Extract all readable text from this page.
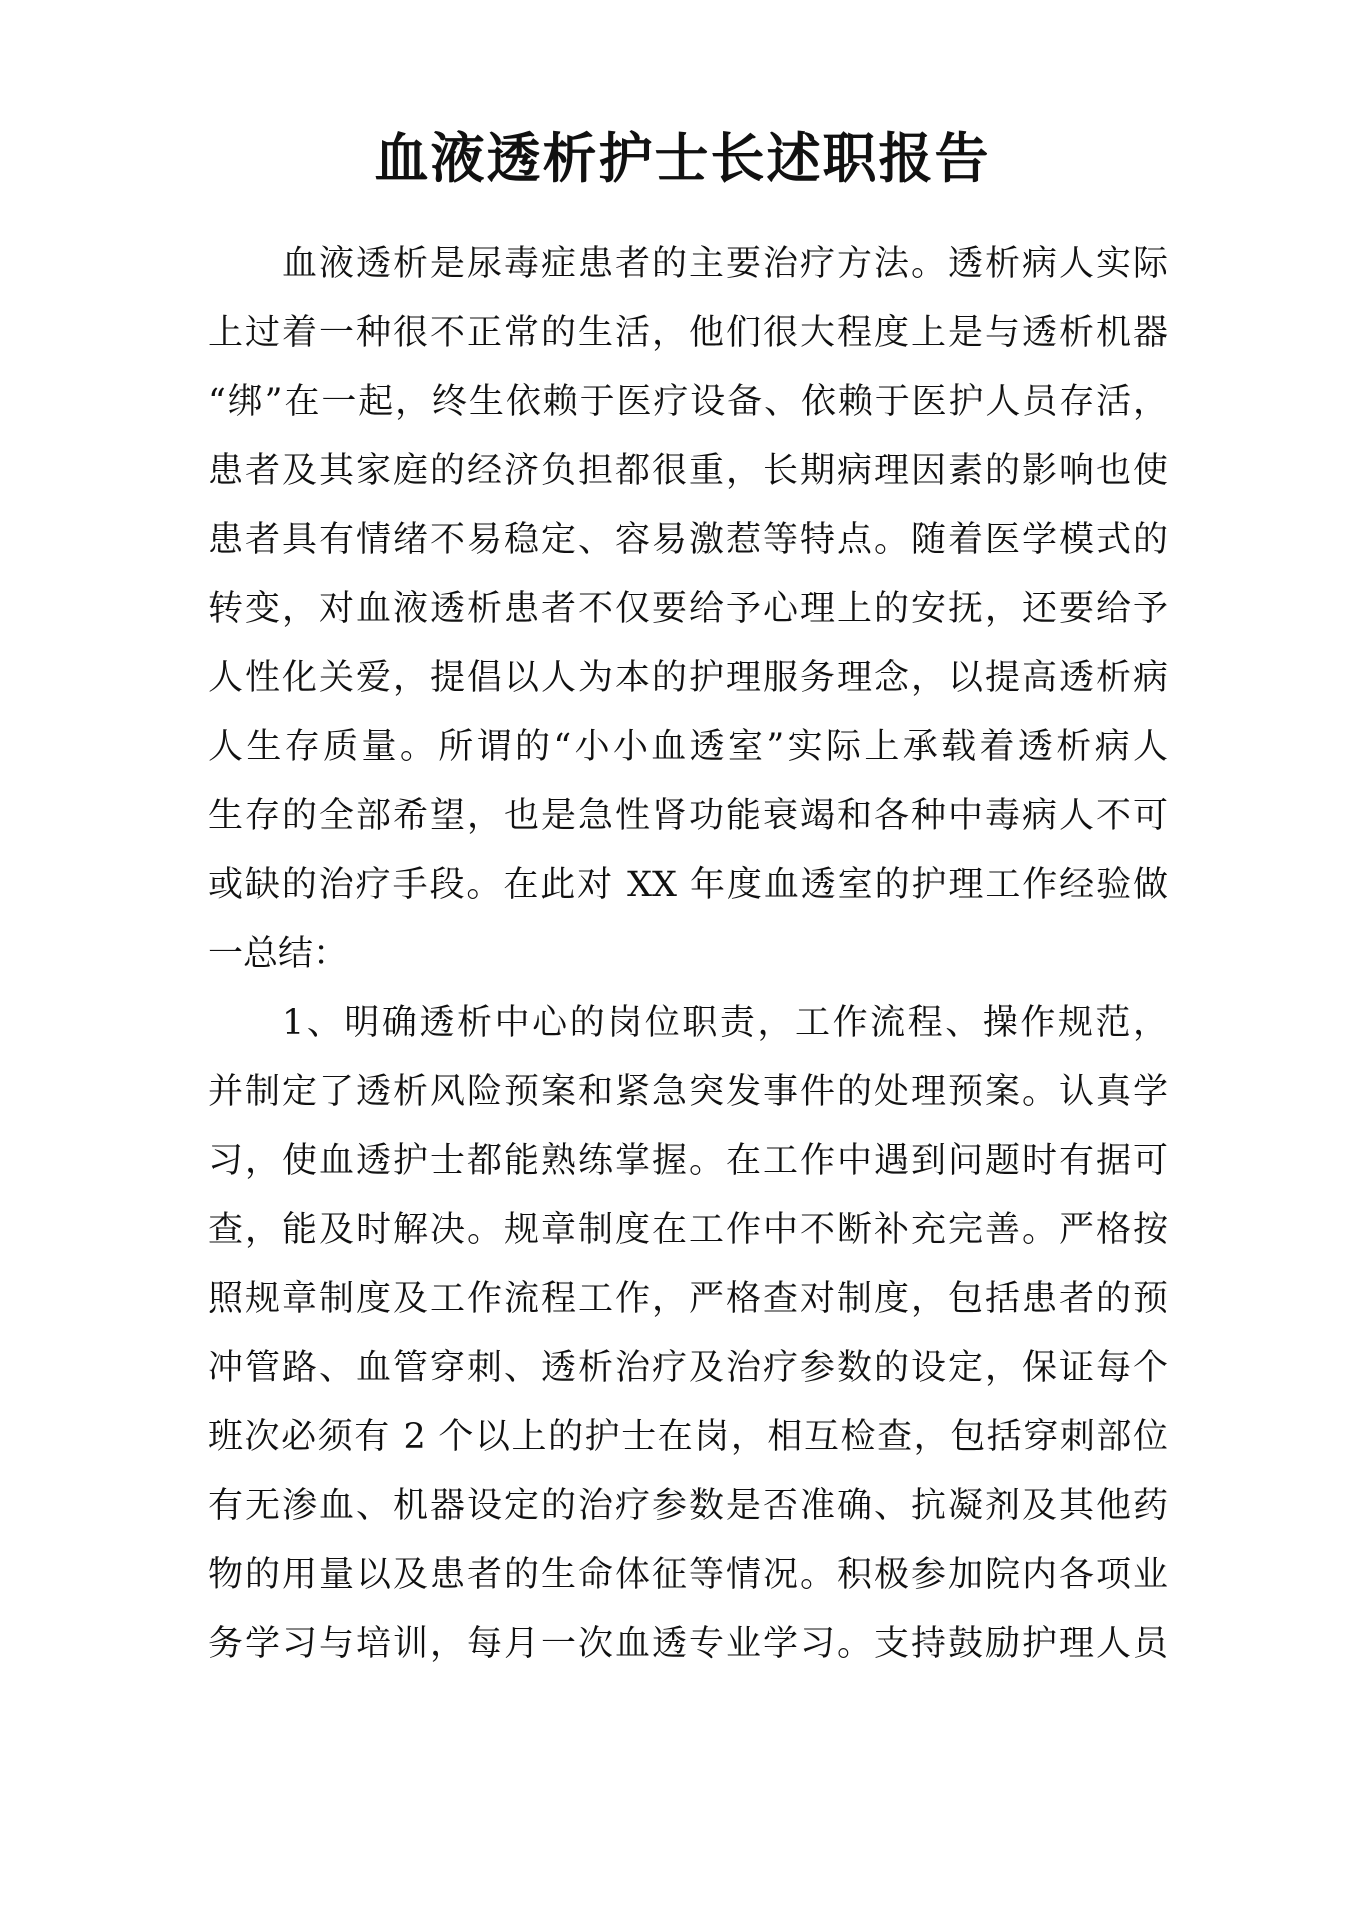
血液透析护士长述职报告
血液透析是尿毒症患者的主要治疗方法。透析病人实际
上过着一种很不正常的生活，他们很大程度上是与透析机器
“绑”在一起，终生依赖于医疗设备、依赖于医护人员存活，
患者及其家庭的经济负担都很重，长期病理因素的影响也使
患者具有情绪不易稳定、容易激惹等特点。随着医学模式的
转变，对血液透析患者不仅要给予心理上的安抚，还要给予
人性化关爱，提倡以人为本的护理服务理念，以提高透析病
人生存质量。所谓的“小小血透室”实际上承载着透析病人
生存的全部希望，也是急性肾功能衰竭和各种中毒病人不可
或缺的治疗手段。在此对 XX 年度血透室的护理工作经验做
一总结：
1、明确透析中心的岗位职责，工作流程、操作规范，
并制定了透析风险预案和紧急突发事件的处理预案。认真学
习，使血透护士都能熟练掌握。在工作中遇到问题时有据可
查，能及时解决。规章制度在工作中不断补充完善。严格按
照规章制度及工作流程工作，严格查对制度，包括患者的预
冲管路、血管穿刺、透析治疗及治疗参数的设定，保证每个
班次必须有 2 个以上的护士在岗，相互检查，包括穿刺部位
有无渗血、机器设定的治疗参数是否准确、抗凝剂及其他药
物的用量以及患者的生命体征等情况。积极参加院内各项业
务学习与培训，每月一次血透专业学习。支持鼓励护理人员
